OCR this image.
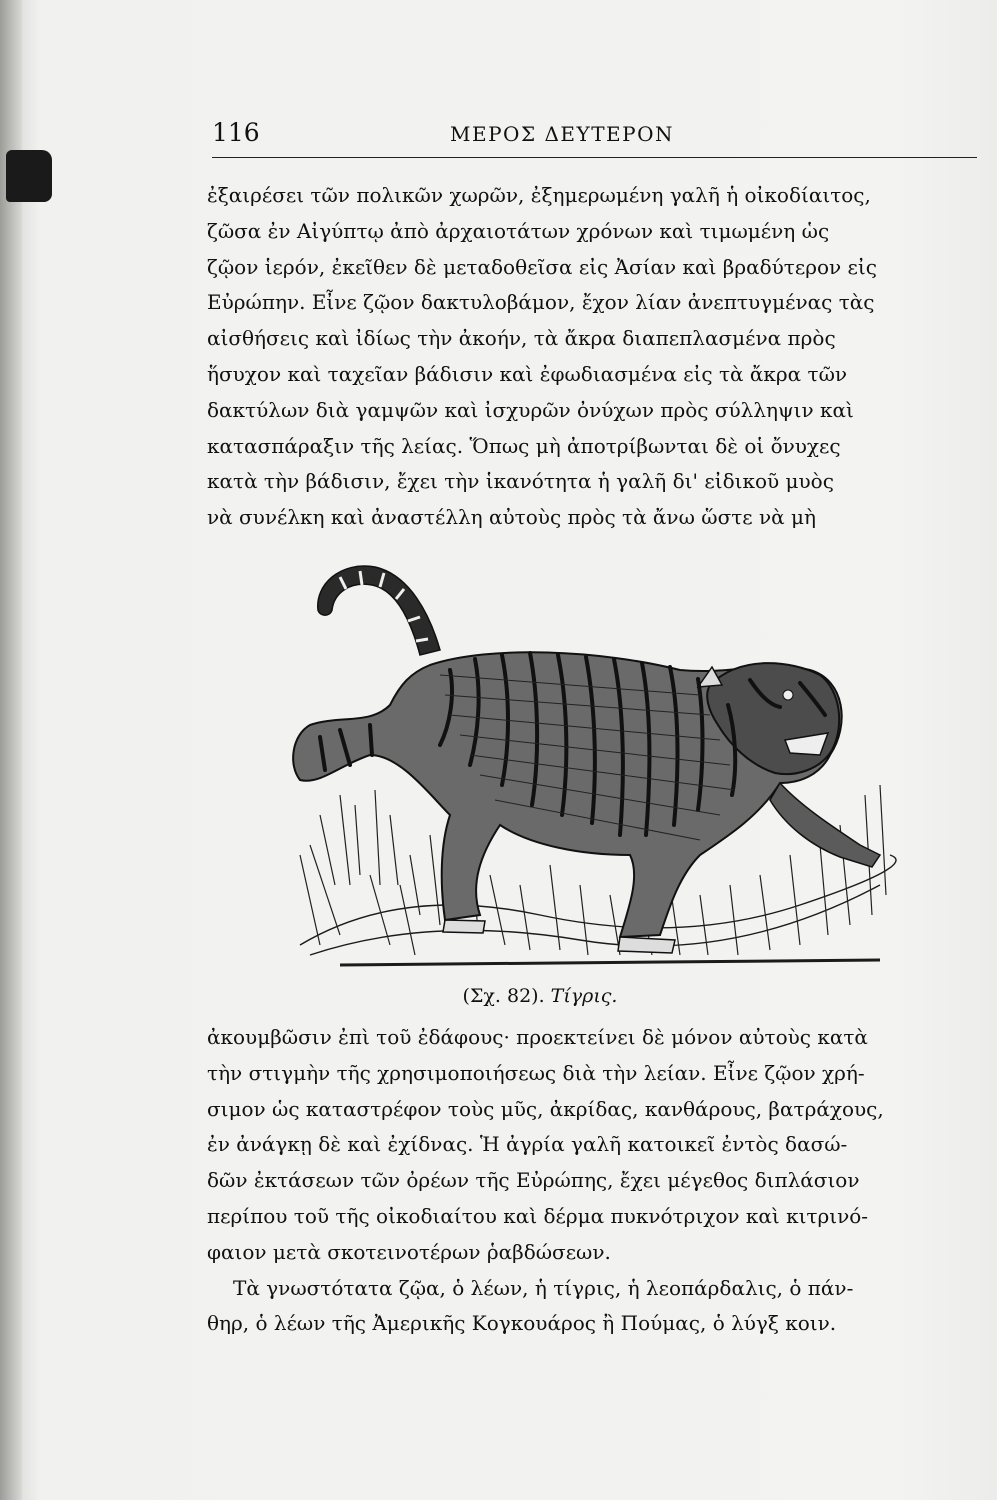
116	ΜΕΡΟΣ ΔΕΥΤΕΡΟΝ

ἐξαιρέσει τῶν πολικῶν χωρῶν, ἐξημερωμένη γαλῆ ἡ οἰκοδίαιτος,

ζῶσα ἐν Αἰγύπτῳ ἀπὸ ἀρχαιοτάτων χρόνων καὶ τιμωμένη ὡς

ζῷον ἱερόν, ἐκεῖθεν δὲ μεταδοθεῖσα εἰς Ἀσίαν καὶ βραδύτερον εἰς

Εὐρώπην. Εἶνε ζῷον δακτυλοβάμον, ἔχον λίαν ἀνεπτυγμένας τὰς

αἰσθήσεις καὶ ἰδίως τὴν ἀκοήν, τὰ ἄκρα διαπεπλασμένα πρὸς

ἥσυχον καὶ ταχεῖαν βάδισιν καὶ ἐφωδιασμένα εἰς τὰ ἄκρα τῶν

δακτύλων διὰ γαμψῶν καὶ ἰσχυρῶν ὀνύχων πρὸς σύλληψιν καὶ

κατασπάραξιν τῆς λείας. Ὅπως μὴ ἀποτρίβωνται δὲ οἱ ὄνυχες

κατὰ τὴν βάδισιν, ἔχει τὴν ἱκανότητα ἡ γαλῆ δι' εἰδικοῦ μυὸς

νὰ συνέλκη καὶ ἀναστέλλη αὐτοὺς πρὸς τὰ ἄνω ὥστε νὰ μὴ

(Σχ. 82). Τίγρις.

ἀκουμβῶσιν ἐπὶ τοῦ ἐδάφους· προεκτείνει δὲ μόνον αὐτοὺς κατὰ

τὴν στιγμὴν τῆς χρησιμοποιήσεως διὰ τὴν λείαν. Εἶνε ζῷον χρή-

σιμον ὡς καταστρέφον τοὺς μῦς, ἀκρίδας, κανθάρους, βατράχους,

ἐν ἀνάγκῃ δὲ καὶ ἐχίδνας. Ἡ ἀγρία γαλῆ κατοικεῖ ἐντὸς δασώ-

δῶν ἐκτάσεων τῶν ὀρέων τῆς Εὐρώπης, ἔχει μέγεθος διπλάσιον

περίπου τοῦ τῆς οἰκοδιαίτου καὶ δέρμα πυκνότριχον καὶ κιτρινό-

φαιον μετὰ σκοτεινοτέρων ῥαβδώσεων.

Τὰ γνωστότατα ζῷα, ὁ λέων, ἡ τίγρις, ἡ λεοπάρδαλις, ὁ πάν-

θηρ, ὁ λέων τῆς Ἀμερικῆς Κογκουάρος ἢ Πούμας, ὁ λύγξ κοιν.
